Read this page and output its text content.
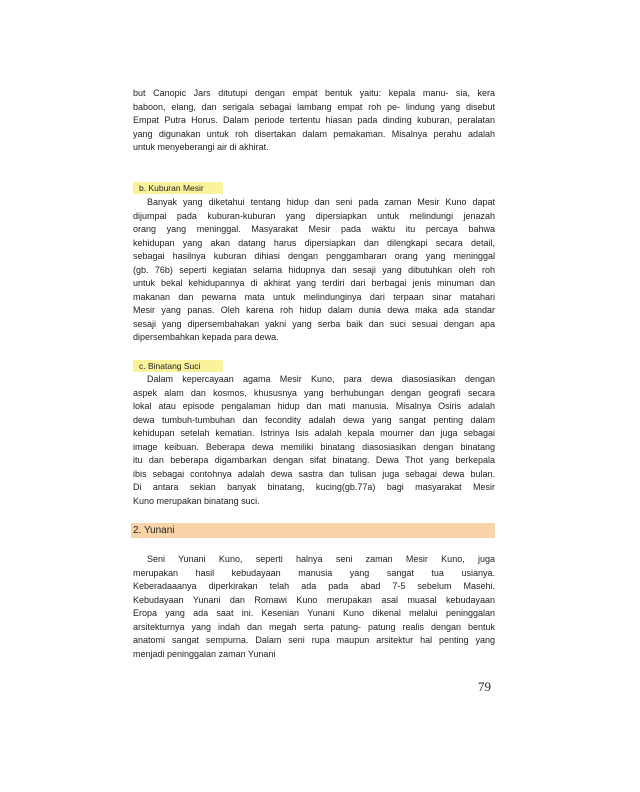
but Canopic Jars ditutupi dengan empat bentuk yaitu: kepala manu- sia, kera
baboon, elang, dan serigala sebagai lambang empat roh pe- lindung yang disebut
Empat Putra Horus. Dalam periode tertentu hiasan pada dinding kuburan, peralatan
yang digunakan untuk roh disertakan dalam pemakaman. Misalnya perahu adalah
untuk menyeberangi air di akhirat.
b. Kuburan Mesir
Banyak yang diketahui tentang hidup dan seni pada zaman Mesir Kuno dapat
dijumpai pada kuburan-kuburan yang dipersiapkan untuk melindungi jenazah
orang yang meninggal. Masyarakat Mesir pada waktu itu percaya bahwa
kehidupan yang akan datang harus dipersiapkan dan dilengkapi secara detail,
sebagai hasilnya kuburan dihiasi dengan penggambaran orang yang meninggal
(gb. 76b) seperti kegiatan selama hidupnya dan sesaji yang dibutuhkan oleh roh
untuk bekal kehidupannya di akhirat yang terdiri dari berbagai jenis minuman dan
makanan dan pewarna mata untuk melindunginya dari terpaan sinar matahari
Mesir yang panas. Oleh karena roh hidup dalam dunia dewa maka ada standar
sesaji yang dipersembahakan yakni yang serba baik dan suci sesuai dengan apa
dipersembahkan kepada para dewa.
c. Binatang Suci
Dalam kepercayaan agama Mesir Kuno, para dewa diasosiasikan dengan
aspek alam dan kosmos, khususnya yang berhubungan dengan geografi secara
lokal atau episode pengalaman hidup dan mati manusia. Misalnya Osiris adalah
dewa tumbuh-tumbuhan dan fecondity adalah dewa yang sangat penting dalam
kehidupan setelah kematian. Istrinya Isis adalah kepala mourner dan juga sebagai
image keibuan. Beberapa dewa memiliki binatang diasosiasikan dengan binatang
itu dan beberapa digambarkan dengan sifat binatang. Dewa Thot yang berkepala
ibis sebagai contohnya adalah dewa sastra dan tulisan juga sebagai dewa bulan.
Di antara sekian banyak binatang, kucing(gb.77a) bagi masyarakat Mesir
Kuno merupakan binatang suci.
2. Yunani
Seni Yunani Kuno, seperti halnya seni zaman Mesir Kuno, juga
merupakan hasil kebudayaan manusia yang sangat tua usianya.
Keberadaaanya diperkirakan telah ada pada abad 7-5 sebelum Masehi.
Kebudayaan Yunani dan Romawi Kuno merupakan asal muasal kebudayaan
Eropa yang ada saat ini. Kesenian Yunani Kuno dikenal melalui peninggalan
arsitekturnya yang indah dan megah serta patung- patung realis dengan bentuk
anatomi sangat sempurna. Dalam seni rupa maupun arsitektur hal penting yang
menjadi peninggalan zaman Yunani
79
